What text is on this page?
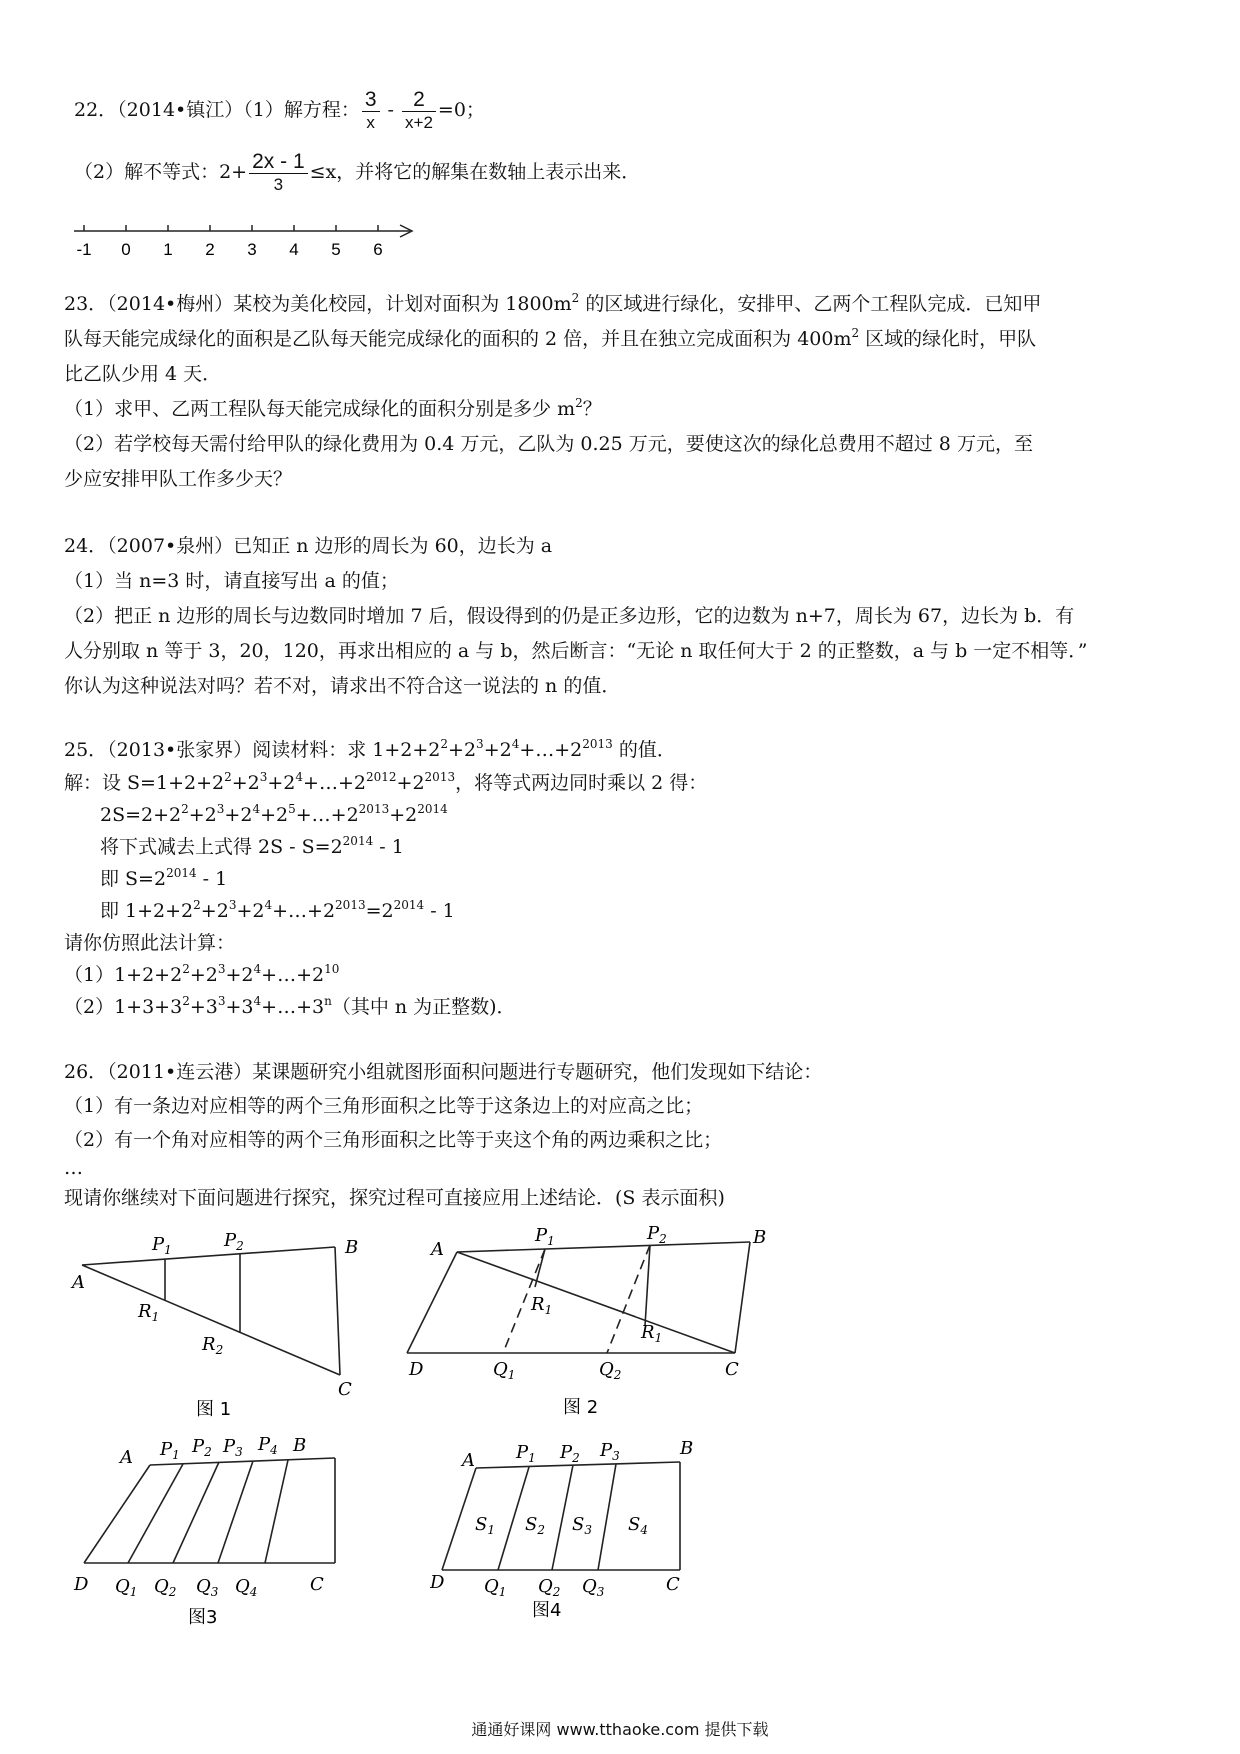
22．（2014•镇江）（1）解方程： $\frac{3}{x} - \frac{2}{x+2} =0$；
（2）解不等式：$2+ \frac{2x - 1}{3} \le x$，并将它的解集在数轴上表示出来．
-1 0 1 2 3 4 5 6
23．（2014•梅州）某校为美化校园，计划对面积为 $1800m^2$ 的区域进行绿化，安排甲、乙两个工程队完成．已知甲
队每天能完成绿化的面积是乙队每天能完成绿化的面积的 2 倍，并且在独立完成面积为 $400m^2$ 区域的绿化时，甲队
比乙队少用 4 天．
（1）求甲、乙两工程队每天能完成绿化的面积分别是多少 $m^2$？
（2）若学校每天需付给甲队的绿化费用为 0.4 万元，乙队为 0.25 万元，要使这次的绿化总费用不超过 8 万元，至
少应安排甲队工作多少天？
24．（2007•泉州）已知正 n 边形的周长为 60，边长为 a
（1）当 n=3 时，请直接写出 a 的值；
（2）把正 n 边形的周长与边数同时增加 7 后，假设得到的仍是正多边形，它的边数为 n+7，周长为 67，边长为 b．有
人分别取 n 等于 3，20，120，再求出相应的 a 与 b，然后断言：“无论 n 取任何大于 2 的正整数，a 与 b 一定不相等．”
你认为这种说法对吗？若不对，请求出不符合这一说法的 n 的值．
25．（2013•张家界）阅读材料：求 $1+2+2^2+2^3+2^4+\dots+2^{2013}$ 的值．
解：设 $S=1+2+2^2+2^3+2^4+\dots+2^{2012}+2^{2013}$，将等式两边同时乘以 2 得：
$2S=2+2^2+2^3+2^4+2^5+\dots+2^{2013}+2^{2014}$
将下式减去上式得 $2S - S=2^{2014} - 1$
即 $S=2^{2014} - 1$
即 $1+2+2^2+2^3+2^4+\dots+2^{2013}=2^{2014} - 1$
请你仿照此法计算：
$(1)1+2+2^2+2^3+2^4+\dots+2^{10}$
$(2)1+3+3^2+3^3+3^4+\dots+3^n$（其中 n 为正整数)．
26．（2011•连云港）某课题研究小组就图形面积问题进行专题研究，他们发现如下结论：
（1）有一条边对应相等的两个三角形面积之比等于这条边上的对应高之比；
（2）有一个角对应相等的两个三角形面积之比等于夹这个角的两边乘积之比；
…
现请你继续对下面问题进行探究，探究过程可直接应用上述结论．(S 表示面积)
A
$P_1$	$P_2$	B
$R_1$
$R_2$
C
图 1
A
$P_1$	$P_2$	B
$R_1$
$R_1$
D	$Q_1$	$Q_2$	C
图 2
A $P_1$ $P_2$ $P_3$ $P_4$ B
D $Q_1$ $Q_2$ $Q_3$ $Q_4$	C
图3
A $P_1$ $P_2$ $P_3$	B
$S_1$ $S_2$ $S_3$ $S_4$
D $Q_1$ $Q_2$ $Q_3$	C
图4
通通好课网 www.tthaoke.com 提供下载
